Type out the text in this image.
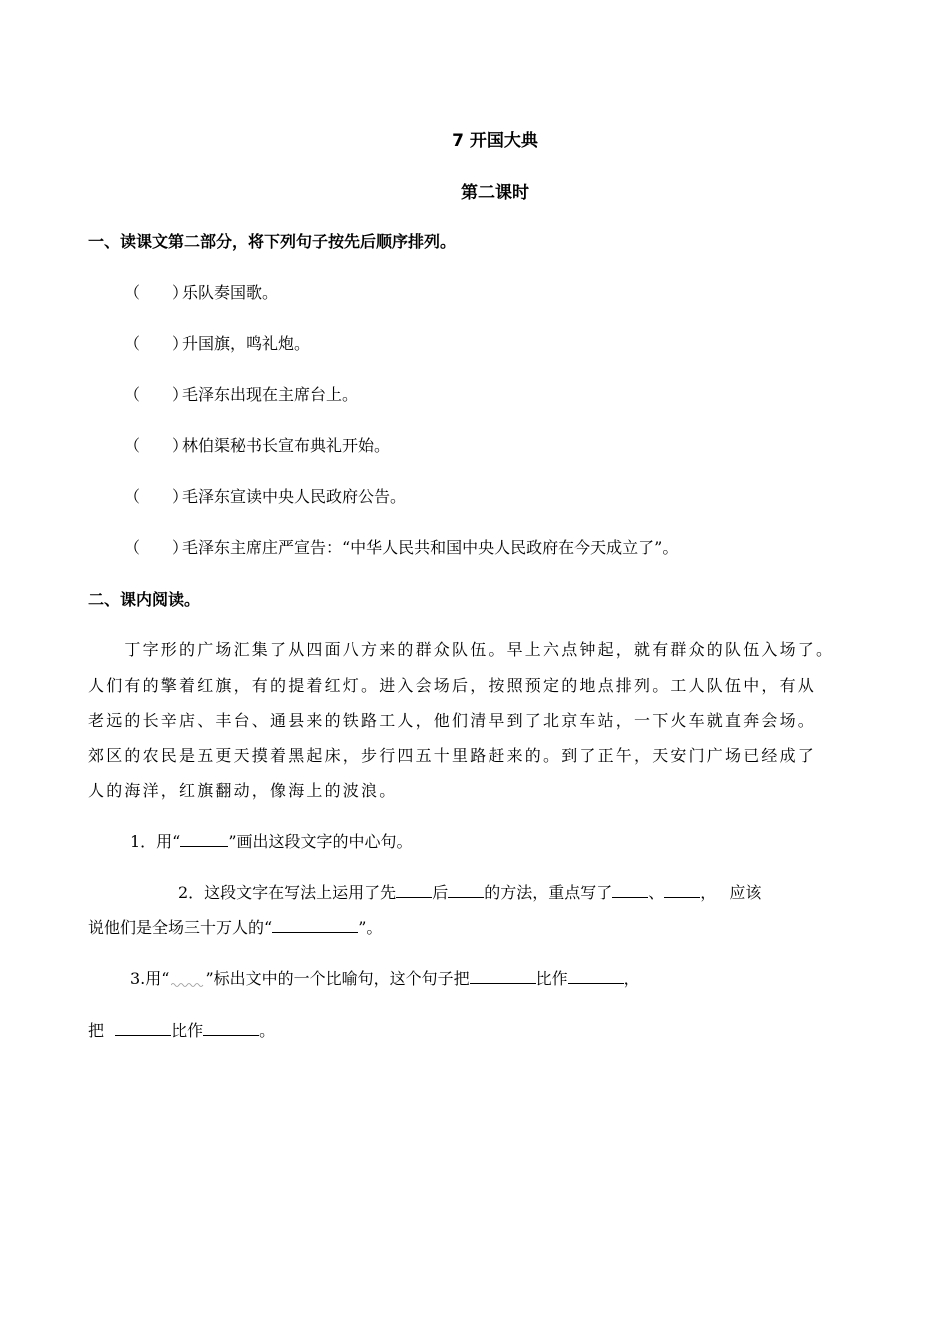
7 开国大典
第二课时
一、读课文第二部分，将下列句子按先后顺序排列。
（　　）乐队奏国歌。
（　　）升国旗，鸣礼炮。
（　　）毛泽东出现在主席台上。
（　　）林伯渠秘书长宣布典礼开始。
（　　）毛泽东宣读中央人民政府公告。
（　　）毛泽东主席庄严宣告：“中华人民共和国中央人民政府在今天成立了”。
二、课内阅读。
　　丁字形的广场汇集了从四面八方来的群众队伍。早上六点钟起，就有群众的队伍入场了。
人们有的擎着红旗，有的提着红灯。进入会场后，按照预定的地点排列。工人队伍中，有从
老远的长辛店、丰台、通县来的铁路工人，他们清早到了北京车站，一下火车就直奔会场。
郊区的农民是五更天摸着黑起床，步行四五十里路赶来的。到了正午，天安门广场已经成了
人的海洋，红旗翻动，像海上的波浪。
1．用“	”画出这段文字的中心句。
2．这段文字在写法上运用了先 后 的方法，重点写了 、 ，　 应该
说他们是全场三十万人的“	”。
3.用“ ”标出文中的一个比喻句，这个句子把	比作	，
把	比作	。
